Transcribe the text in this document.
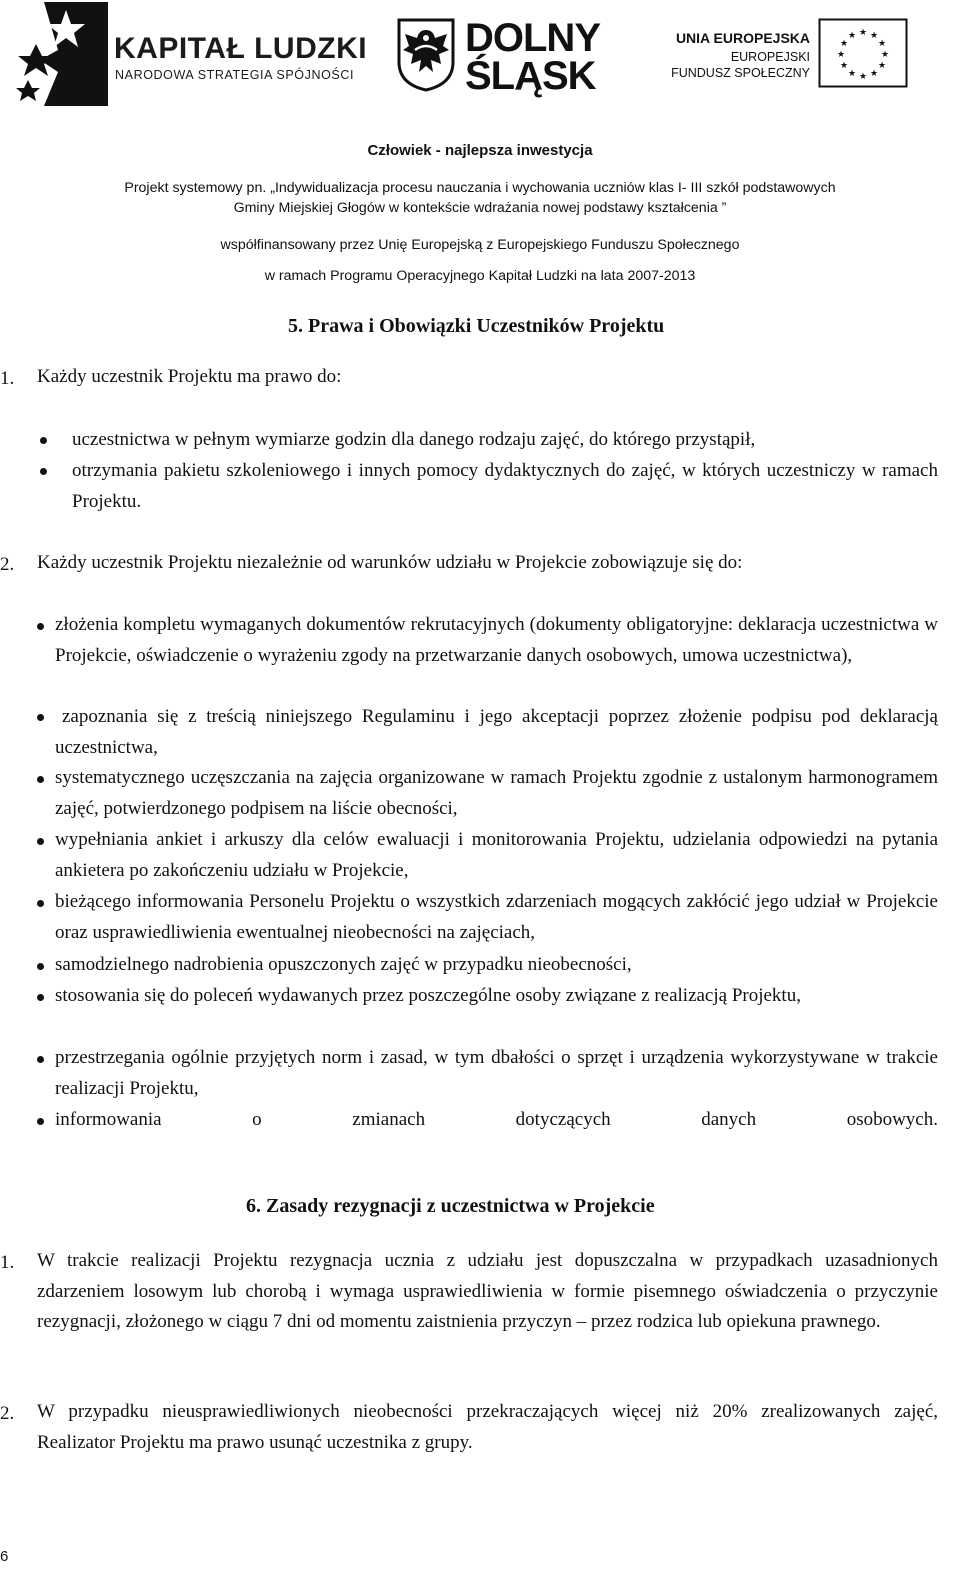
KAPITAŁ LUDZKI
NARODOWA STRATEGIA SPÓJNOŚCI
DOLNY
ŚLĄSK
UNIA EUROPEJSKA
EUROPEJSKI
FUNDUSZ SPOŁECZNY
★ ★
★
★
★
★
★
★
★
★
★
★
Człowiek - najlepsza inwestycja
Projekt systemowy pn. „Indywidualizacja procesu nauczania i wychowania uczniów klas I- III szkół podstawowych
Gminy Miejskiej Głogów w kontekście wdrażania nowej podstawy kształcenia ”
współfinansowany przez Unię Europejską z Europejskiego Funduszu Społecznego
w ramach Programu Operacyjnego Kapitał Ludzki na lata 2007-2013
5. Prawa i Obowiązki Uczestników Projektu
1. Każdy uczestnik Projektu ma prawo do:
uczestnictwa w pełnym wymiarze godzin dla danego rodzaju zajęć, do którego przystąpił,
otrzymania pakietu szkoleniowego i innych pomocy dydaktycznych do zajęć, w których uczestniczy w ramach Projektu.
2. Każdy uczestnik Projektu niezależnie od warunków udziału w Projekcie zobowiązuje się do:
złożenia kompletu wymaganych dokumentów rekrutacyjnych (dokumenty obligatoryjne: deklaracja uczestnictwa w Projekcie, oświadczenie o wyrażeniu zgody na przetwarzanie danych osobowych, umowa uczestnictwa),
zapoznania się z treścią niniejszego Regulaminu i jego akceptacji poprzez złożenie podpisu pod deklaracją uczestnictwa,
systematycznego uczęszczania na zajęcia organizowane w ramach Projektu zgodnie z ustalonym harmonogramem zajęć, potwierdzonego podpisem na liście obecności,
wypełniania ankiet i arkuszy dla celów ewaluacji i monitorowania Projektu, udzielania odpowiedzi na pytania ankietera po zakończeniu udziału w Projekcie,
bieżącego informowania Personelu Projektu o wszystkich zdarzeniach mogących zakłócić jego udział w Projekcie oraz usprawiedliwienia ewentualnej nieobecności na zajęciach,
samodzielnego nadrobienia opuszczonych zajęć w przypadku nieobecności,
stosowania się do poleceń wydawanych przez poszczególne osoby związane z realizacją Projektu,
przestrzegania ogólnie przyjętych norm i zasad, w tym dbałości o sprzęt i urządzenia wykorzystywane w trakcie realizacji Projektu,
informowania o zmianach dotyczących danych osobowych.
6. Zasady rezygnacji z uczestnictwa w Projekcie
1. W trakcie realizacji Projektu rezygnacja ucznia z udziału jest dopuszczalna w przypadkach uzasadnionych zdarzeniem losowym lub chorobą i wymaga usprawiedliwienia w formie pisemnego oświadczenia o przyczynie rezygnacji, złożonego w ciągu 7 dni od momentu zaistnienia przyczyn – przez rodzica lub opiekuna prawnego.
2. W przypadku nieusprawiedliwionych nieobecności przekraczających więcej niż 20% zrealizowanych zajęć, Realizator Projektu ma prawo usunąć uczestnika z grupy.
6
